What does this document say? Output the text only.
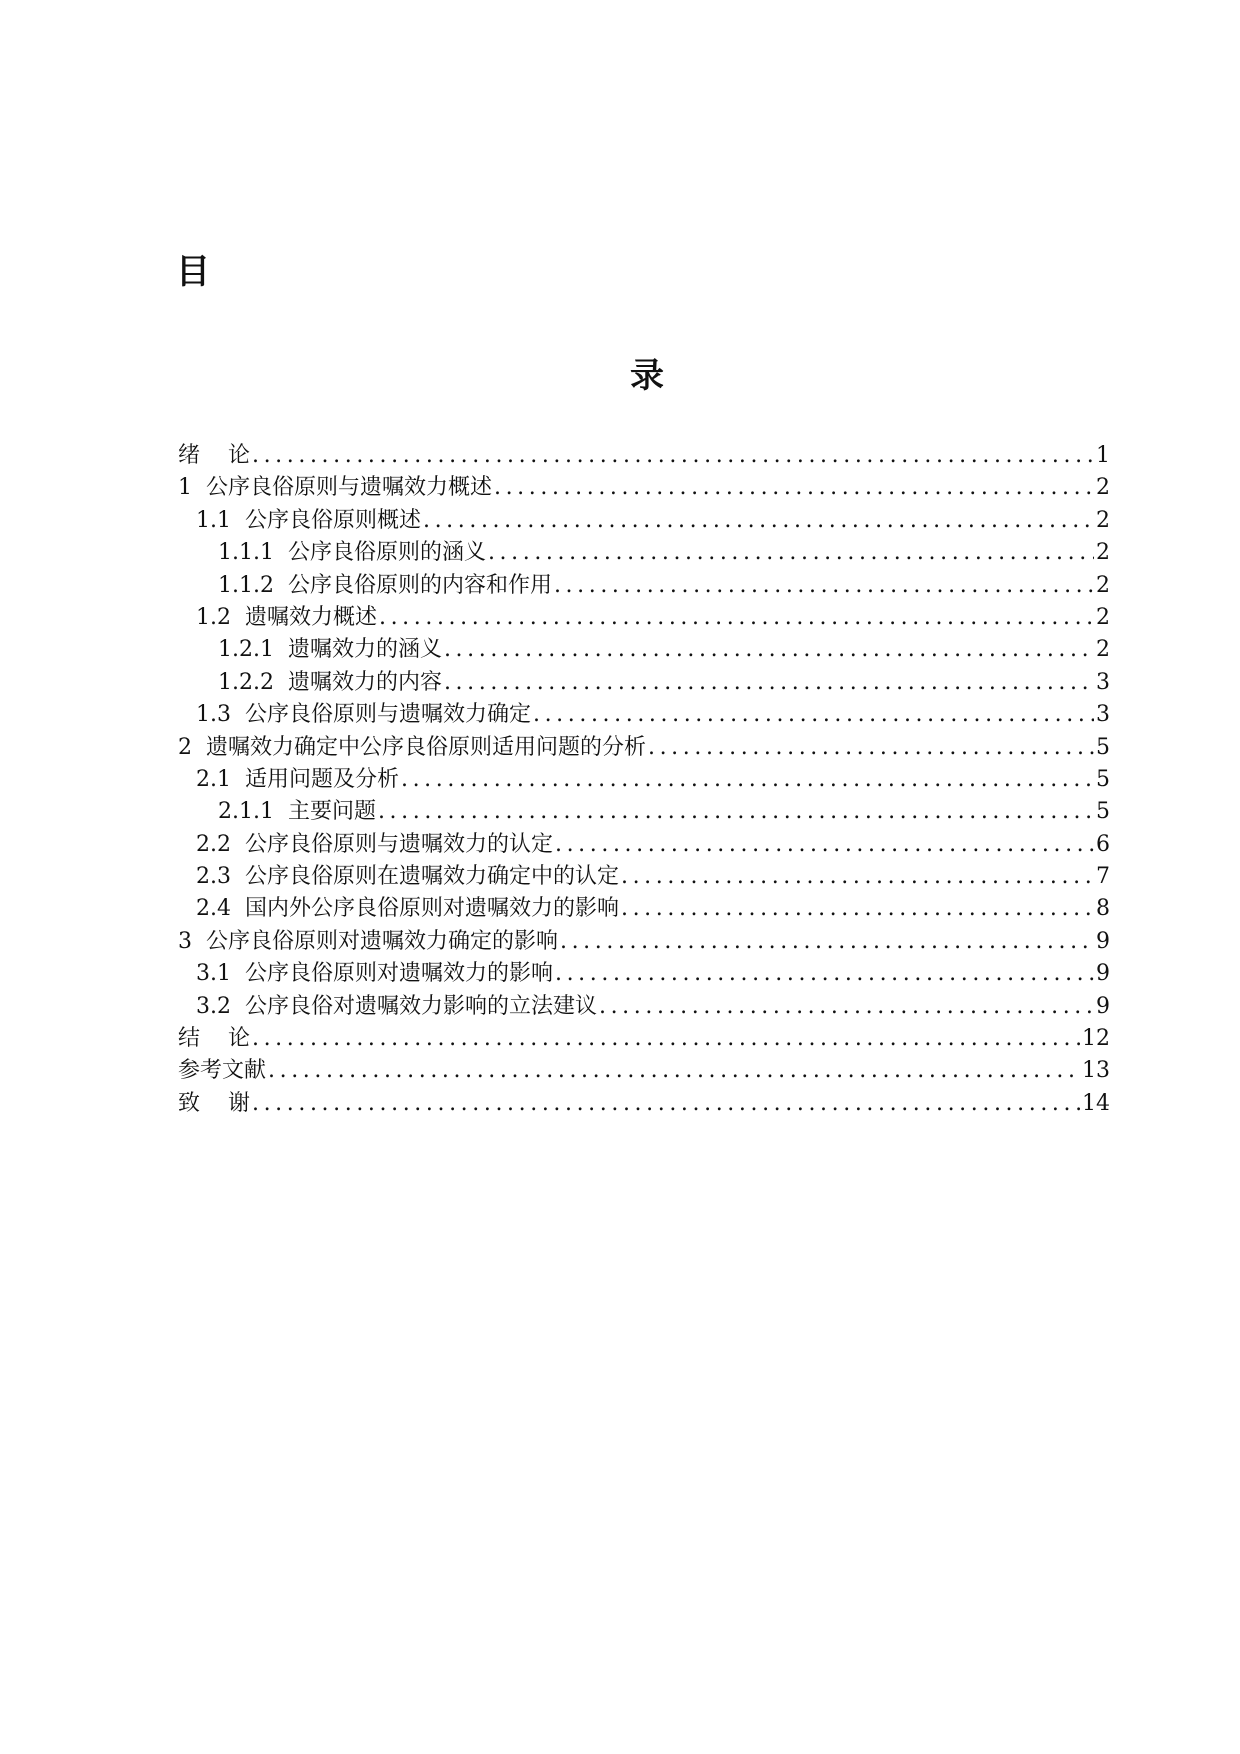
目
录
绪    论 .....	1
1  公序良俗原则与遗嘱效力概述 .....	2
1.1  公序良俗原则概述 .....	2
1.1.1  公序良俗原则的涵义 .....	2
1.1.2  公序良俗原则的内容和作用 .....	2
1.2  遗嘱效力概述 .....	2
1.2.1  遗嘱效力的涵义 .....	2
1.2.2  遗嘱效力的内容 .....	3
1.3  公序良俗原则与遗嘱效力确定 .....	3
2  遗嘱效力确定中公序良俗原则适用问题的分析 .....	5
2.1  适用问题及分析 .....	5
2.1.1  主要问题 .....	5
2.2  公序良俗原则与遗嘱效力的认定 .....	6
2.3  公序良俗原则在遗嘱效力确定中的认定 .....	7
2.4  国内外公序良俗原则对遗嘱效力的影响 .....	8
3  公序良俗原则对遗嘱效力确定的影响 .....	9
3.1  公序良俗原则对遗嘱效力的影响 .....	9
3.2  公序良俗对遗嘱效力影响的立法建议 .....	9
结    论 .....	12
参考文献 .....	13
致    谢 .....	14
